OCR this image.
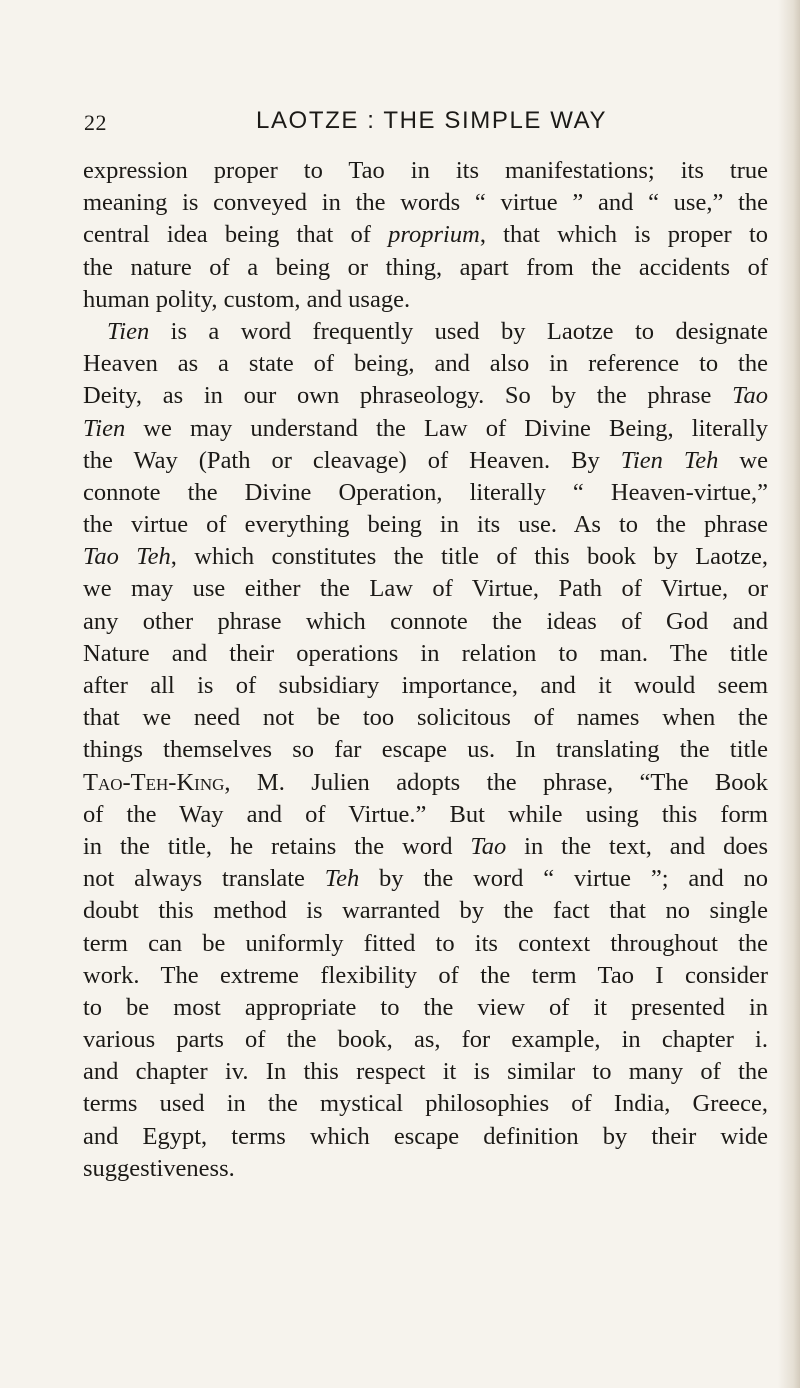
22	LAOTZE : THE SIMPLE WAY
expression proper to Tao in its manifestations; its true
meaning is conveyed in the words “ virtue ” and “ use,” the
central idea being that of proprium, that which is proper to
the nature of a being or thing, apart from the accidents of
human polity, custom, and usage.
Tien is a word frequently used by Laotze to designate
Heaven as a state of being, and also in reference to the
Deity, as in our own phraseology. So by the phrase Tao
Tien we may understand the Law of Divine Being, literally
the Way (Path or cleavage) of Heaven. By Tien Teh we
connote the Divine Operation, literally “ Heaven-virtue,”
the virtue of everything being in its use. As to the phrase
Tao Teh, which constitutes the title of this book by Laotze,
we may use either the Law of Virtue, Path of Virtue, or
any other phrase which connote the ideas of God and
Nature and their operations in relation to man. The title
after all is of subsidiary importance, and it would seem
that we need not be too solicitous of names when the
things themselves so far escape us. In translating the title
Tao-Teh-King, M. Julien adopts the phrase, “The Book
of the Way and of Virtue.” But while using this form
in the title, he retains the word Tao in the text, and does
not always translate Teh by the word “ virtue ”; and no
doubt this method is warranted by the fact that no single
term can be uniformly fitted to its context throughout the
work. The extreme flexibility of the term Tao I consider
to be most appropriate to the view of it presented in
various parts of the book, as, for example, in chapter i.
and chapter iv. In this respect it is similar to many of the
terms used in the mystical philosophies of India, Greece,
and Egypt, terms which escape definition by their wide
suggestiveness.
